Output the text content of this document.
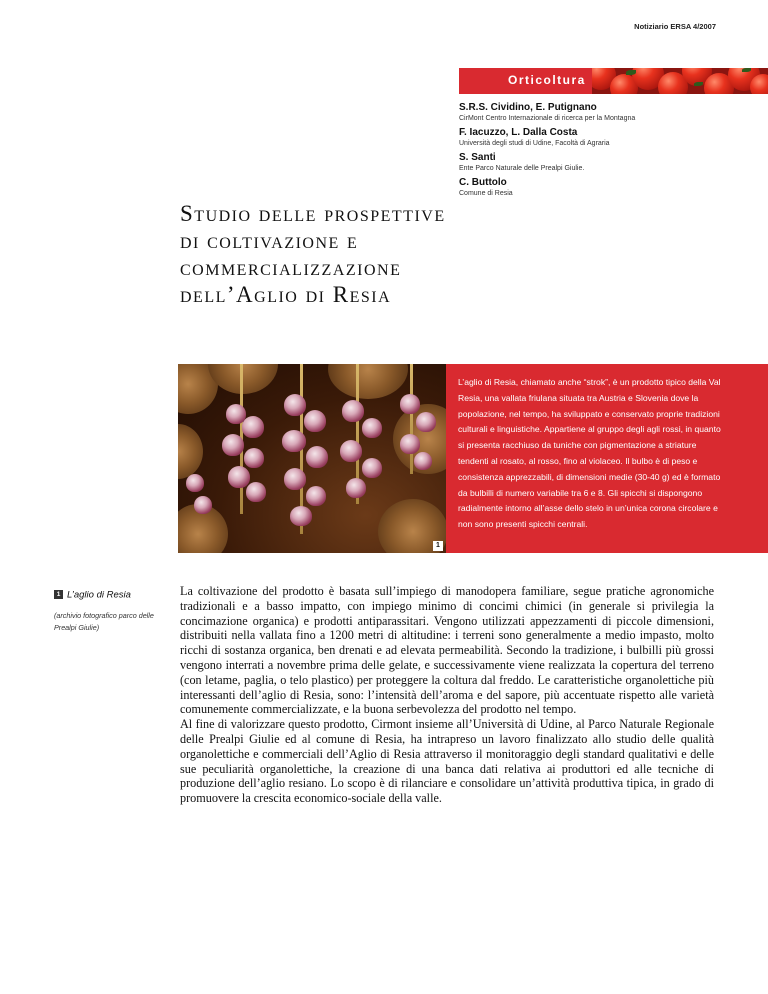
Notiziario ERSA 4/2007
Orticoltura
S.R.S. Cividino, E. Putignano
CirMont Centro Internazionale di ricerca per la Montagna
F. Iacuzzo, L. Dalla Costa
Università degli studi di Udine, Facoltà di Agraria
S. Santi
Ente Parco Naturale delle Prealpi Giulie.
C. Buttolo
Comune di Resia
Studio delle prospettive
di coltivazione e
commercializzazione
dell’Aglio di Resia
1
L’aglio di Resia, chiamato anche “strok”, è un prodotto tipico della Val Resia, una vallata friulana situata tra Austria e Slovenia dove la popolazione, nel tempo, ha sviluppato e conservato proprie tradizioni culturali e linguistiche. Appartiene al gruppo degli agli rossi, in quanto si presenta racchiuso da tuniche con pigmentazione a striature tendenti al rosato, al rosso, fino al violaceo. Il bulbo è di peso e consistenza apprezzabili, di dimensioni medie (30-40 g) ed è formato da bulbilli di numero variabile tra 6 e 8. Gli spicchi si dispongono radialmente intorno all’asse dello stelo in un’unica corona circolare e non sono presenti spicchi centrali.
1 L’aglio di Resia
(archivio fotografico parco delle Prealpi Giulie)

La coltivazione del prodotto è basata sull’impiego di manodopera familiare, segue pratiche agronomiche tradizionali e a basso impatto, con impiego minimo di concimi chimici (in generale si privilegia la concimazione organica) e prodotti antiparassitari. Vengono utilizzati appezzamenti di piccole dimensioni, distribuiti nella vallata fino a 1200 metri di altitudine: i terreni sono generalmente a medio impasto, molto ricchi di sostanza organica, ben drenati e ad elevata permeabilità. Secondo la tradizione, i bulbilli più grossi vengono interrati a novembre prima delle gelate, e successivamente viene realizzata la copertura del terreno (con letame, paglia, o telo plastico) per proteggere la coltura dal freddo. Le caratteristiche organolettiche più interessanti dell’aglio di Resia, sono: l’intensità dell’aroma e del sapore, più accentuate rispetto alle varietà comunemente commercializzate, e la buona serbevolezza del prodotto nel tempo.

Al fine di valorizzare questo prodotto, Cirmont insieme all’Università di Udine, al Parco Naturale Regionale delle Prealpi Giulie ed al comune di Resia, ha intrapreso un lavoro finalizzato allo studio delle qualità organolettiche e commerciali dell’Aglio di Resia attraverso il monitoraggio degli standard qualitativi e delle sue peculiarità organolettiche, la creazione di una banca dati relativa ai produttori ed alle tecniche di produzione dell’aglio resiano. Lo scopo è di rilanciare e consolidare un’attività produttiva tipica, in grado di promuovere la crescita economico-sociale della valle.
